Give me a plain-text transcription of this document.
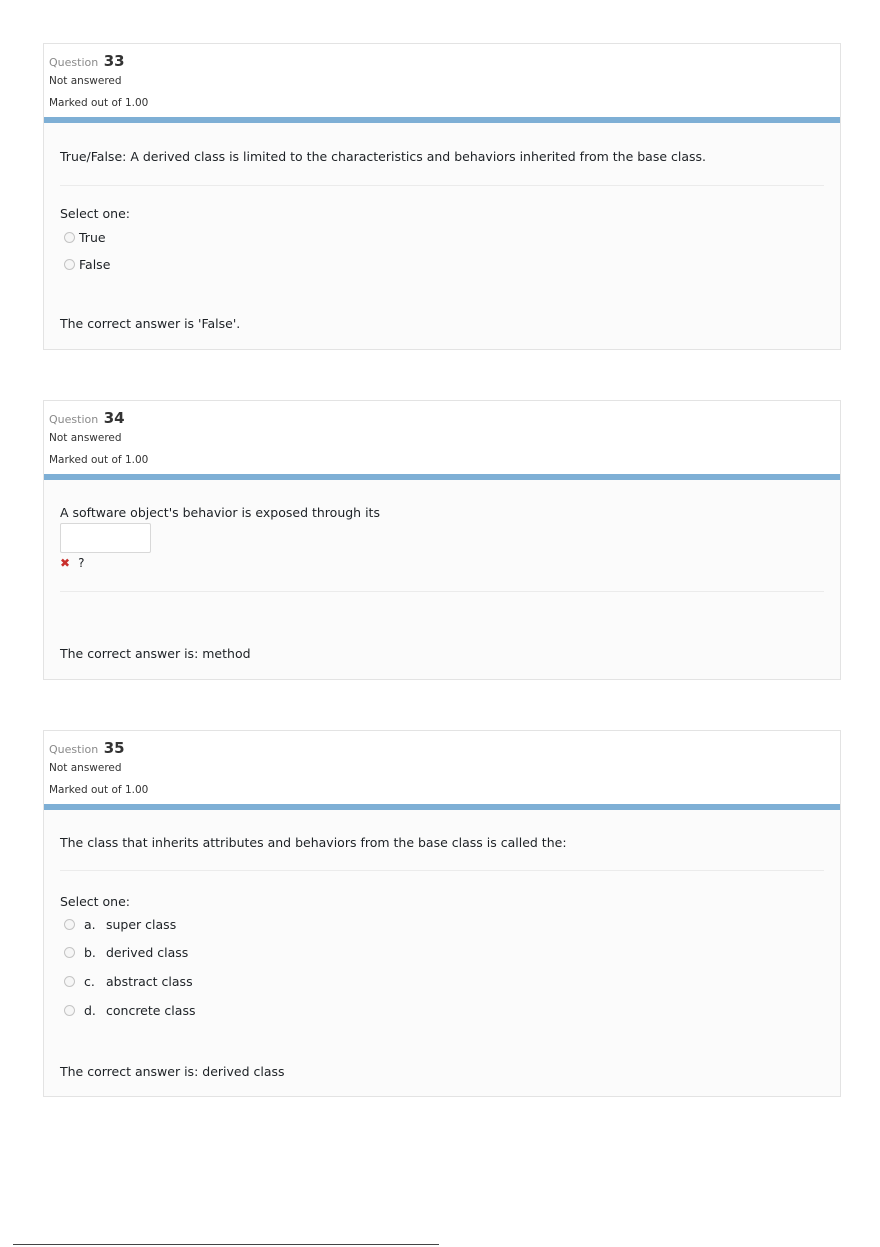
Question 33
Not answered
Marked out of 1.00
True/False: A derived class is limited to the characteristics and behaviors inherited from the base class.
Select one:
True
False
The correct answer is 'False'.
Question 34
Not answered
Marked out of 1.00
A software object's behavior is exposed through its
✖ ?
The correct answer is: method
Question 35
Not answered
Marked out of 1.00
The class that inherits attributes and behaviors from the base class is called the:
Select one:
a. super class
b. derived class
c. abstract class
d. concrete class
The correct answer is: derived class
